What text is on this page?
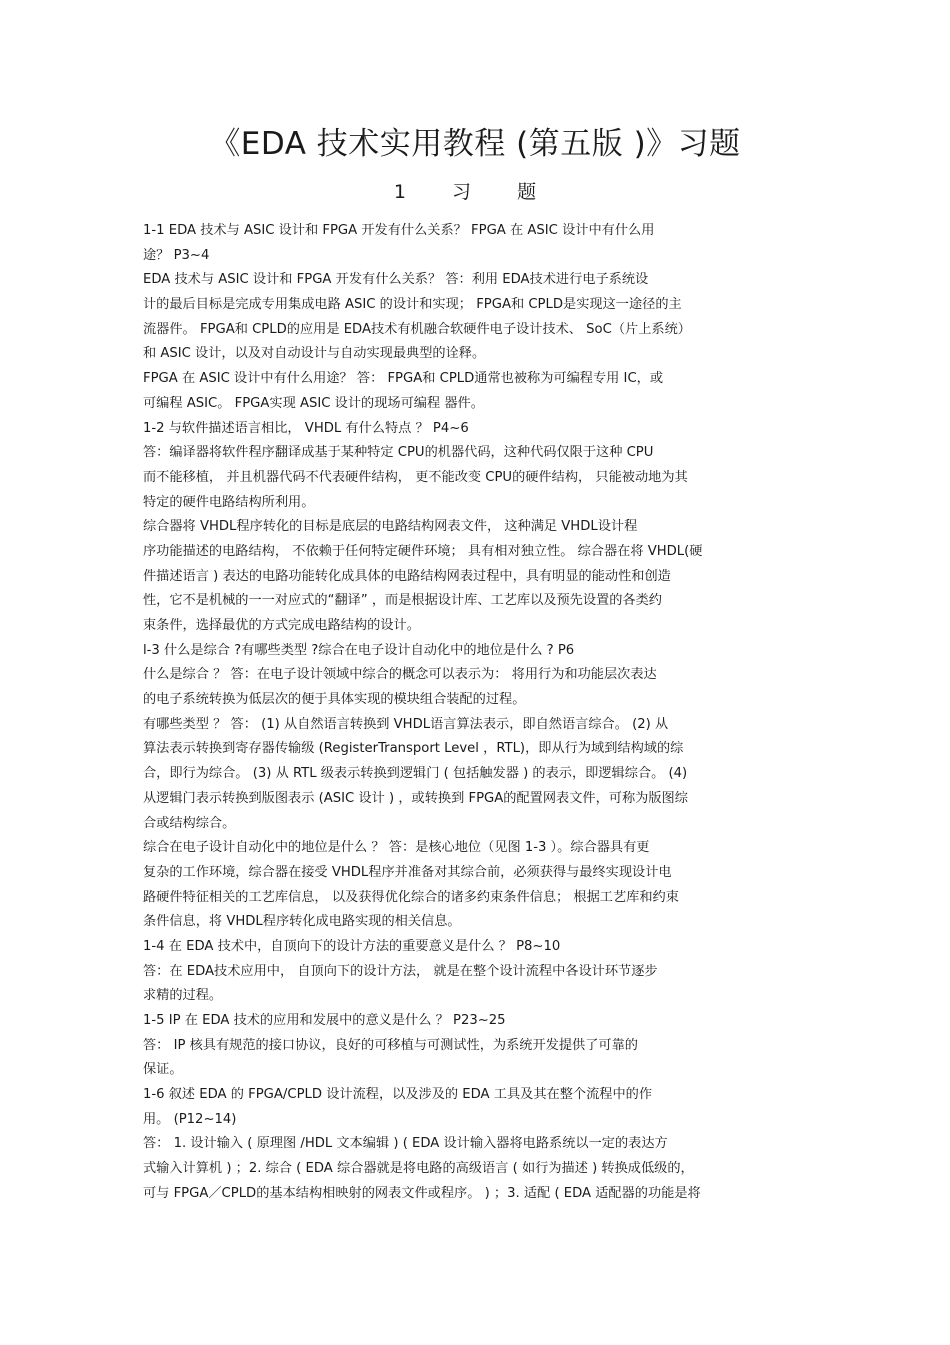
《EDA 技术实用教程 (第五版 )》习题
1 习 题
1-1 EDA 技术与 ASIC 设计和 FPGA 开发有什么关系？ FPGA 在 ASIC 设计中有什么用
途？ P3~4
EDA 技术与 ASIC 设计和 FPGA 开发有什么关系？ 答：利用 EDA技术进行电子系统设
计的最后目标是完成专用集成电路 ASIC 的设计和实现； FPGA和 CPLD是实现这一途径的主
流器件。 FPGA和 CPLD的应用是 EDA技术有机融合软硬件电子设计技术、 SoC（片上系统）
和 ASIC 设计，以及对自动设计与自动实现最典型的诠释。
FPGA 在 ASIC 设计中有什么用途？ 答： FPGA和 CPLD通常也被称为可编程专用 IC，或
可编程 ASIC。 FPGA实现 ASIC 设计的现场可编程 器件。
1-2 与软件描述语言相比， VHDL 有什么特点 ？ P4~6
答：编译器将软件程序翻译成基于某种特定 CPU的机器代码，这种代码仅限于这种 CPU
而不能移植， 并且机器代码不代表硬件结构， 更不能改变 CPU的硬件结构， 只能被动地为其
特定的硬件电路结构所利用。
综合器将 VHDL程序转化的目标是底层的电路结构网表文件， 这种满足 VHDL设计程
序功能描述的电路结构， 不依赖于任何特定硬件环境； 具有相对独立性。 综合器在将 VHDL(硬
件描述语言 ) 表达的电路功能转化成具体的电路结构网表过程中，具有明显的能动性和创造
性，它不是机械的一一对应式的“翻译” ，而是根据设计库、工艺库以及预先设置的各类约
束条件，选择最优的方式完成电路结构的设计。
l-3 什么是综合 ?有哪些类型 ?综合在电子设计自动化中的地位是什么 ? P6
什么是综合 ？ 答：在电子设计领域中综合的概念可以表示为： 将用行为和功能层次表达
的电子系统转换为低层次的便于具体实现的模块组合装配的过程。
有哪些类型 ？ 答： (1) 从自然语言转换到 VHDL语言算法表示，即自然语言综合。 (2) 从
算法表示转换到寄存器传输级 (RegisterTransport Level ，RTL)，即从行为域到结构域的综
合，即行为综合。 (3) 从 RTL 级表示转换到逻辑门 ( 包括触发器 ) 的表示，即逻辑综合。 (4)
从逻辑门表示转换到版图表示 (ASIC 设计 ) ，或转换到 FPGA的配置网表文件，可称为版图综
合或结构综合。
综合在电子设计自动化中的地位是什么 ？ 答：是核心地位（见图 1-3 ）。综合器具有更
复杂的工作环境，综合器在接受 VHDL程序并准备对其综合前，必须获得与最终实现设计电
路硬件特征相关的工艺库信息， 以及获得优化综合的诸多约束条件信息； 根据工艺库和约束
条件信息，将 VHDL程序转化成电路实现的相关信息。
1-4 在 EDA 技术中，自顶向下的设计方法的重要意义是什么 ？ P8~10
答：在 EDA技术应用中， 自顶向下的设计方法， 就是在整个设计流程中各设计环节逐步
求精的过程。
1-5 IP 在 EDA 技术的应用和发展中的意义是什么 ？ P23~25
答： IP 核具有规范的接口协议，良好的可移植与可测试性，为系统开发提供了可靠的
保证。
1-6 叙述 EDA 的 FPGA/CPLD 设计流程，以及涉及的 EDA 工具及其在整个流程中的作
用。 (P12~14)
答： 1. 设计输入 ( 原理图 /HDL 文本编辑 ) ( EDA 设计输入器将电路系统以一定的表达方
式输入计算机 ) ；2. 综合 ( EDA 综合器就是将电路的高级语言 ( 如行为描述 ) 转换成低级的，
可与 FPGA／CPLD的基本结构相映射的网表文件或程序。 ) ；3. 适配 ( EDA 适配器的功能是将
